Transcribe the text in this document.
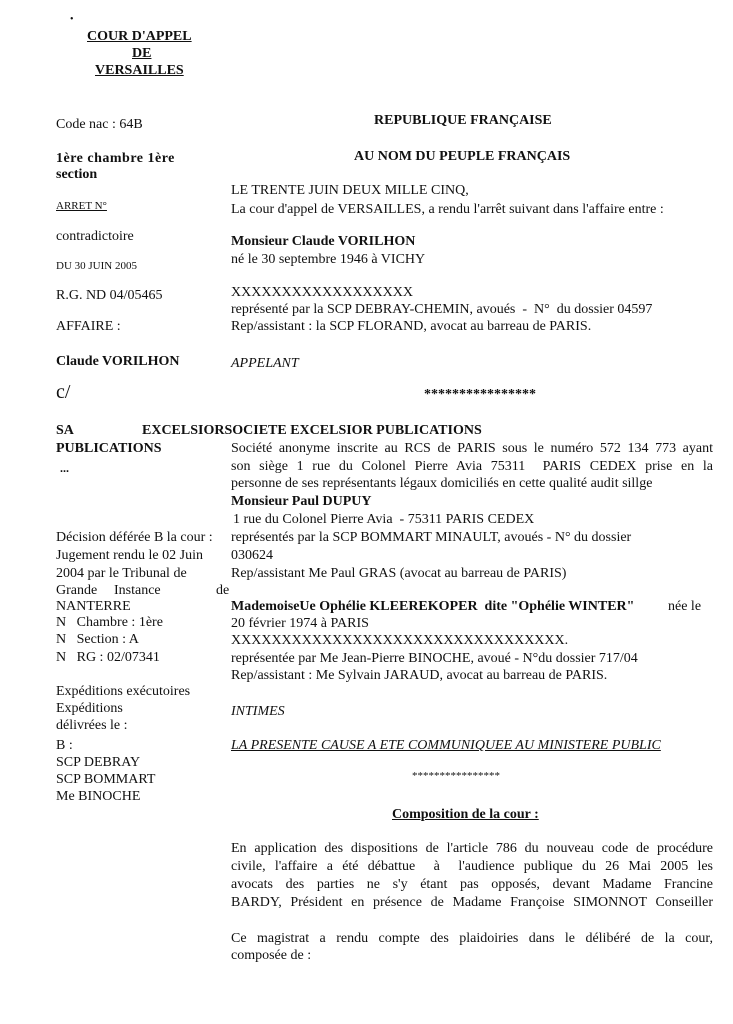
•
COUR D'APPEL
DE
VERSAILLES
REPUBLIQUE FRANÇAISE
AU NOM DU PEUPLE FRANÇAIS
Code nac : 64B
1ère chambre 1ère
section
ARRET N°
contradictoire
DU 30 JUIN 2005
R.G. ND 04/05465
AFFAIRE :
Claude VORILHON
c/
SA
PUBLICATIONS
...
Décision déférée B la cour :
Jugement rendu le 02 Juin
2004 par le Tribunal de
Grande Instance	de
NANTERRE
N   Chambre : 1ère
N   Section : A
N   RG : 02/07341
Expéditions exécutoires
Expéditions
délivrées le :
B :
SCP DEBRAY
SCP BOMMART
Me BINOCHE
LE TRENTE JUIN DEUX MILLE CINQ,
La cour d'appel de VERSAILLES, a rendu l'arrêt suivant dans l'affaire entre :
Monsieur Claude VORILHON
né le 30 septembre 1946 à VICHY
XXXXXXXXXXXXXXXXXX
représenté par la SCP DEBRAY-CHEMIN, avoués  -  N°  du dossier 04597
Rep/assistant : la SCP FLORAND, avocat au barreau de PARIS.
APPELANT
****************
EXCELSIORSOCIETE EXCELSIOR PUBLICATIONS
Société anonyme inscrite au RCS de PARIS sous le numéro 572 134 773 ayant
son siège 1 rue du Colonel Pierre Avia 75311  PARIS CEDEX prise en la
personne de ses représentants légaux domiciliés en cette qualité audit sillge
Monsieur Paul DUPUY
1 rue du Colonel Pierre Avia  - 75311 PARIS CEDEX
représentés par la SCP BOMMART MINAULT, avoués - N° du dossier
030624
Rep/assistant Me Paul GRAS (avocat au barreau de PARIS)
MademoiseUe Ophélie KLEEREKOPER  dite "Ophélie WINTER" née le
20 février 1974 à PARIS
XXXXXXXXXXXXXXXXXXXXXXXXXXXXXXXXX.
représentée par Me Jean-Pierre BINOCHE, avoué - N°du dossier 717/04
Rep/assistant : Me Sylvain JARAUD, avocat au barreau de PARIS.
INTIMES
LA PRESENTE CAUSE A ETE COMMUNIQUEE AU MINISTERE PUBLIC
****************
Composition de la cour :
En application des dispositions de l'article 786 du nouveau code de procédure
civile, l'affaire a été débattue  à  l'audience publique du 26 Mai 2005 les
avocats des parties ne s'y étant pas opposés, devant Madame Francine
BARDY, Président en présence de Madame Françoise SIMONNOT Conseiller
Ce magistrat a rendu compte des plaidoiries dans le délibéré de la cour,
composée de :
